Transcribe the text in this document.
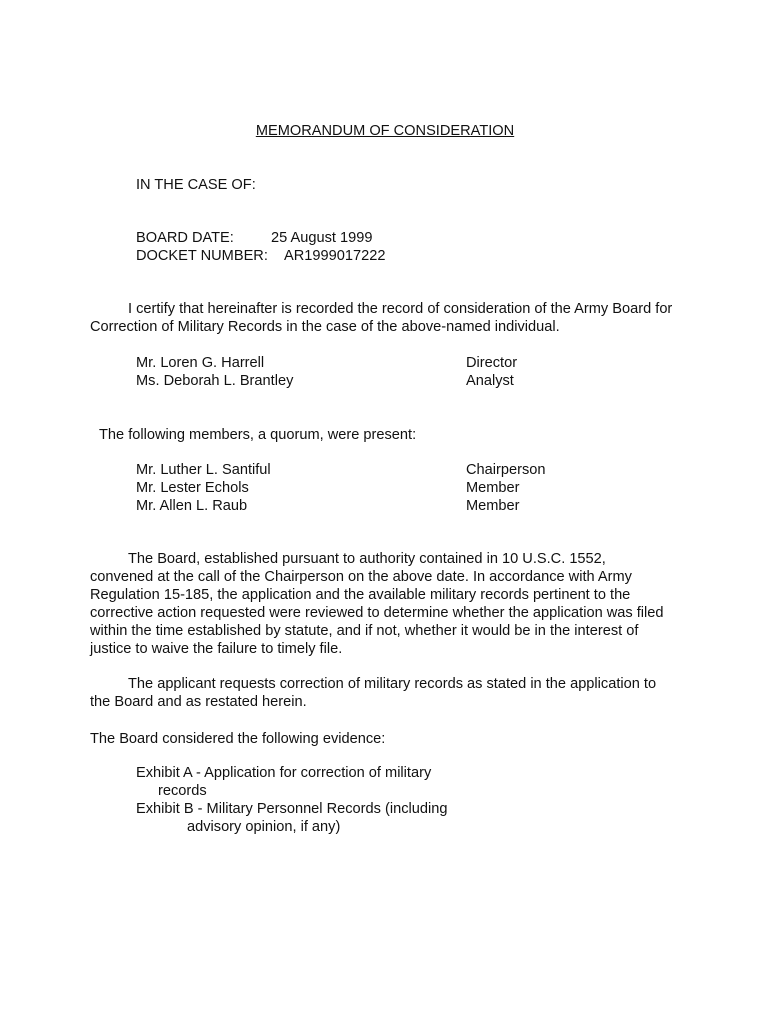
MEMORANDUM OF CONSIDERATION

IN THE CASE OF:

BOARD DATE:	25 August 1999

DOCKET NUMBER: AR1999017222

I certify that hereinafter is recorded the record of consideration of the Army Board for Correction of Military Records in the case of the above-named individual.

Mr. Loren G. Harrell	Director

Ms. Deborah L. Brantley	Analyst

The following members, a quorum, were present:

Mr. Luther L. Santiful	Chairperson

Mr. Lester Echols	Member

Mr. Allen L. Raub	Member

The Board, established pursuant to authority contained in 10 U.S.C. 1552, convened at the call of the Chairperson on the above date. In accordance with Army Regulation 15-185, the application and the available military records pertinent to the corrective action requested were reviewed to determine whether the application was filed within the time established by statute, and if not, whether it would be in the interest of justice to waive the failure to timely file.

The applicant requests correction of military records as stated in the application to the Board and as restated herein.

The Board considered the following evidence:

Exhibit A - Application for correction of military

records

Exhibit B - Military Personnel Records (including

advisory opinion, if any)
